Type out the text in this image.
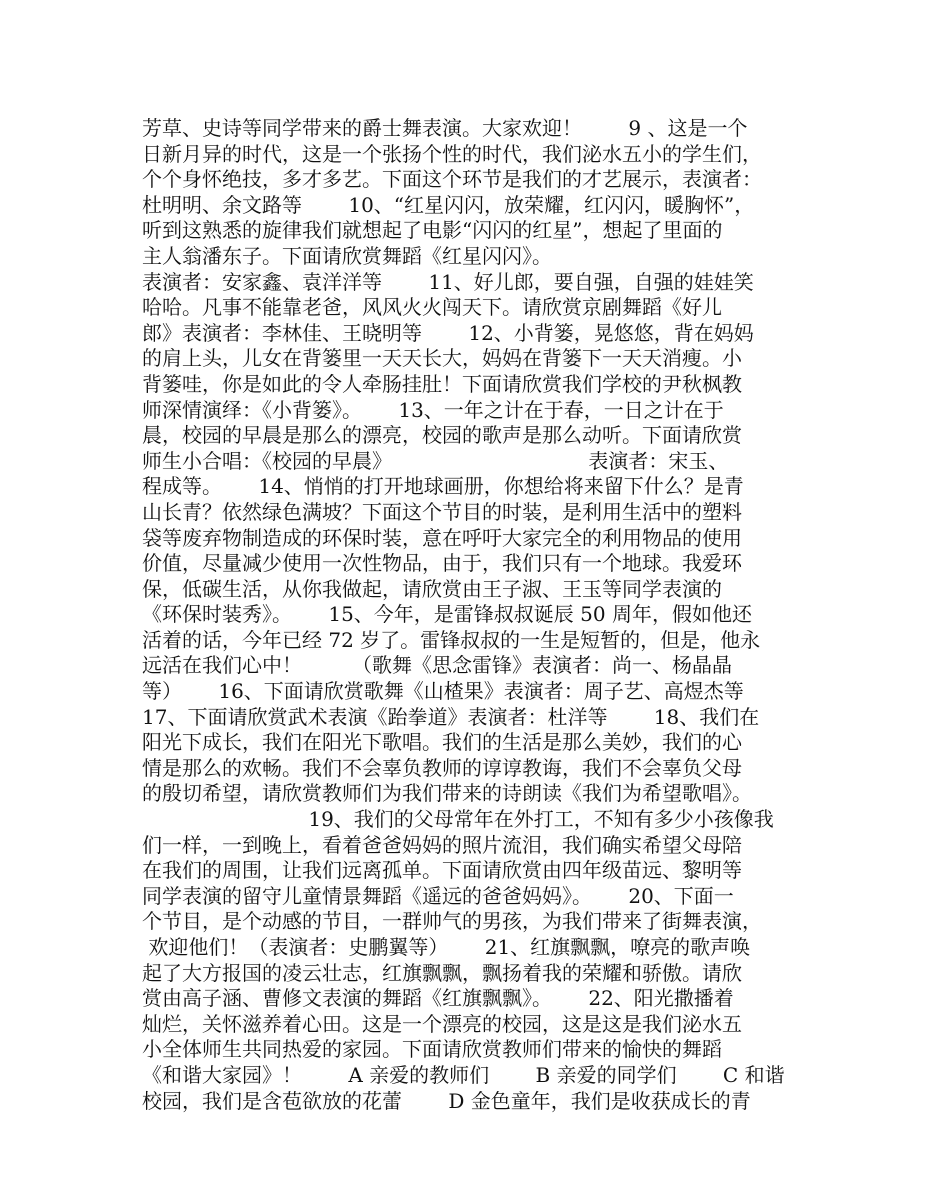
芳草、史诗等同学带来的爵士舞表演。大家欢迎！　　 9 、这是一个
日新月异的时代，这是一个张扬个性的时代，我们泌水五小的学生们，
个个身怀绝技，多才多艺。下面这个环节是我们的才艺展示，表演者：
杜明明、余文路等　　 10、“红星闪闪，放荣耀，红闪闪，暖胸怀”，
听到这熟悉的旋律我们就想起了电影“闪闪的红星”，想起了里面的
主人翁潘东子。下面请欣赏舞蹈《红星闪闪》。
表演者：安家鑫、袁洋洋等　　 11、好儿郎，要自强，自强的娃娃笑
哈哈。凡事不能靠老爸，风风火火闯天下。请欣赏京剧舞蹈《好儿
郎》表演者：李林佳、王晓明等　　 12、小背篓，晃悠悠，背在妈妈
的肩上头，儿女在背篓里一天天长大，妈妈在背篓下一天天消瘦。小
背篓哇，你是如此的令人牵肠挂肚！下面请欣赏我们学校的尹秋枫教
师深情演绎：《小背篓》。　　 13、一年之计在于春，一日之计在于
晨，校园的早晨是那么的漂亮，校园的歌声是那么动听。下面请欣赏
师生小合唱：《校园的早晨》　　　　　　　　　　 表演者：宋玉、
程成等。　　 14、悄悄的打开地球画册，你想给将来留下什么？是青
山长青？依然绿色满坡？下面这个节目的时装，是利用生活中的塑料
袋等废弃物制造成的环保时装，意在呼吁大家完全的利用物品的使用
价值，尽量减少使用一次性物品，由于，我们只有一个地球。我爱环
保，低碳生活，从你我做起，请欣赏由王子淑、王玉等同学表演的
《环保时装秀》。　　 15、今年，是雷锋叔叔诞辰 50 周年，假如他还
活着的话，今年已经 72 岁了。雷锋叔叔的一生是短暂的，但是，他永
远活在我们心中！　　　（歌舞《思念雷锋》表演者：尚一、杨晶晶
等）　　 16、下面请欣赏歌舞《山楂果》表演者：周子艺、高煜杰等
17、下面请欣赏武术表演《跆拳道》表演者：杜洋等　　 18、我们在
阳光下成长，我们在阳光下歌唱。我们的生活是那么美妙，我们的心
情是那么的欢畅。我们不会辜负教师的谆谆教诲，我们不会辜负父母
的殷切希望，请欣赏教师们为我们带来的诗朗读《我们为希望歌唱》。
　　　　　　　　 19、我们的父母常年在外打工，不知有多少小孩像我
们一样，一到晚上，看着爸爸妈妈的照片流泪，我们确实希望父母陪
在我们的周围，让我们远离孤单。下面请欣赏由四年级苗远、黎明等
同学表演的留守儿童情景舞蹈《遥远的爸爸妈妈》。　　 20、下面一
个节目，是个动感的节目，一群帅气的男孩，为我们带来了街舞表演，
欢迎他们！（表演者：史鹏翼等）　　 21、红旗飘飘，嘹亮的歌声唤
起了大方报国的凌云壮志，红旗飘飘，飘扬着我的荣耀和骄傲。请欣
赏由高子涵、曹修文表演的舞蹈《红旗飘飘》。　　 22、阳光撒播着
灿烂，关怀滋养着心田。这是一个漂亮的校园，这是这是我们泌水五
小全体师生共同热爱的家园。下面请欣赏教师们带来的愉快的舞蹈
《和谐大家园》！　　 A 亲爱的教师们　　 B 亲爱的同学们　　 C 和谐
校园，我们是含苞欲放的花蕾　　 D 金色童年，我们是收获成长的青
